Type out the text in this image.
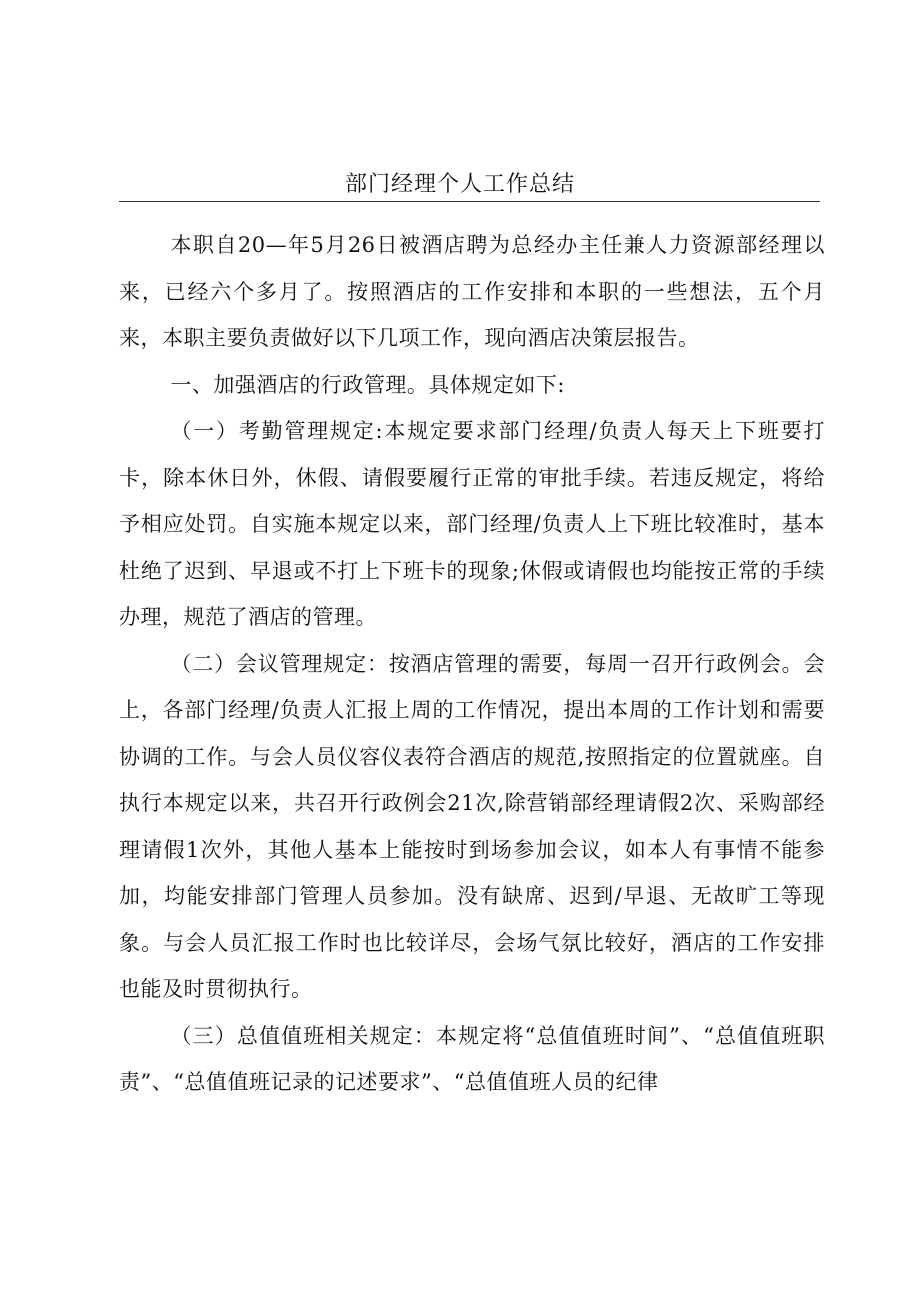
部门经理个人工作总结

本职自20—年5月26日被酒店聘为总经办主任兼人力资源部经理以来，已经六个多月了。按照酒店的工作安排和本职的一些想法，五个月来，本职主要负责做好以下几项工作，现向酒店决策层报告。

一、加强酒店的行政管理。具体规定如下:

（一）考勤管理规定:本规定要求部门经理/负责人每天上下班要打卡，除本休日外，休假、请假要履行正常的审批手续。若违反规定，将给予相应处罚。自实施本规定以来，部门经理/负责人上下班比较准时，基本杜绝了迟到、早退或不打上下班卡的现象;休假或请假也均能按正常的手续办理，规范了酒店的管理。

（二）会议管理规定：按酒店管理的需要，每周一召开行政例会。会上，各部门经理/负责人汇报上周的工作情况，提出本周的工作计划和需要协调的工作。与会人员仪容仪表符合酒店的规范,按照指定的位置就座。自执行本规定以来，共召开行政例会21次,除营销部经理请假2次、采购部经理请假1次外，其他人基本上能按时到场参加会议，如本人有事情不能参加，均能安排部门管理人员参加。没有缺席、迟到/早退、无故旷工等现象。与会人员汇报工作时也比较详尽，会场气氛比较好，酒店的工作安排也能及时贯彻执行。

（三）总值值班相关规定：本规定将“总值值班时间”、“总值值班职责”、“总值值班记录的记述要求”、“总值值班人员的纪律
